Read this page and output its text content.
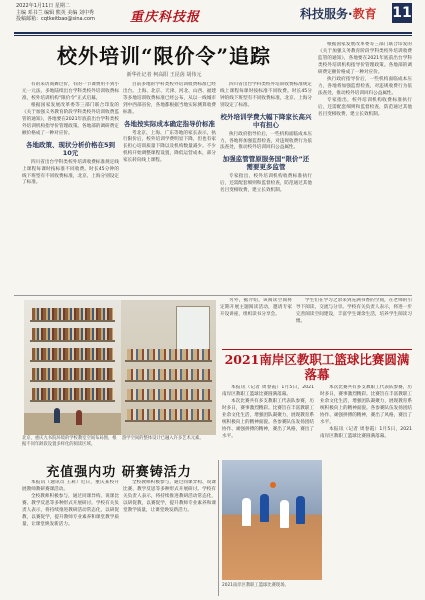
2022年1月11日 星期二
主编 邓书兰 编辑 熊英 美编 刘中秀
投稿邮箱：cqtkeitbao@sina.com	重庆科技报	科技服务·教育 11
校外培训“限价令”追踪
新华社记者 柯高阳 王昆茵 胡伟元

有的采访商舞过价，有的一节课费用不到小元一元法，多地陆续出台学科类校外培训收费标准，校外培训机构“限价令”正式启幕。

根据国家发展改革委等三部门联合印发的《关于加强义务教育阶段学科类校外培训收费监管的通知》，各地要在2021年底前出台学科类校外培训机构指导价管理政策。各地部的调研费定额价格成了一种对应价。

各地政策、现状分析价格在5到10元

四川省出台学科类校外培训收费标准规定线上课程每课时按标准不同收费。时长45分钟的线下班型有不同收费标准，北京、上海分别设定了标准。

目前多地的学科类校外培训收费标准已经出台。上海、北京、天津、河北、山西、福建等多地培训收费标准已经公布，从以一线城市到中西部省份，各地都根据当地实际测算收费标准。

各地按实际成本确定指导价标准

考北京、上海、广东等地的家长表示，执行限价后，校外培训学费明显下降，但也有家长担心培训质量下降以及机构数量减少。不少机构开始调整课程设置，降低运营成本，部分家长转向线上课程。

四川省出台学科类校外培训收费标准规定线上课程每课时按标准不同收费。时长45分钟的线下班型有不同收费标准，北京、上海分别设定了标准。

校外培训学费大幅下降家长高兴中有担心

执行政府指导价后，一些机构面临成本压力，各地将加强监督检查，对违规收费行为依法查处，推动校外培训回归公益属性。

加强监管管原服务国“限价”还需要更多监管

专家指出，校外培训机构收费标准执行后，还需配套细则和监督检查，防范通过其他名目变相收费，建立长效机制。

根据国家发展改革委等三部门联合印发的《关于加强义务教育阶段学科类校外培训收费监管的通知》，各地要在2021年底前出台学科类校外培训机构指导价管理政策。各地部的调研费定额价格成了一种对应价。

执行政府指导价后，一些机构面临成本压力，各地将加强监督检查，对违规收费行为依法查处，推动校外培训回归公益属性。

专家指出，校外培训机构收费标准执行后，还需配套细则和监督检查，防范通过其他名目变相收费，建立长效机制。

北京、重庆九书院环境的学校教室空间布局图，根据不同年龄段设置多样化的阅读区域。
游学空间的整体设计已融入许多艺术元素。

另外，据介绍，该阅读空间将定期开展主题阅读活动，邀请专家开设讲座，组织读书分享会。

学生们在学习之余来到充满书香的空间，在老师的引导下阅读、交流与分享。学校有关负责人表示，将进一步完善阅读空间建设，丰富学生课余生活，培养学生阅读习惯。

充值强内功 研赛铸活力

本报讯（通讯员 王莉）近日，重庆某校开展教师教研赛课活动。

全校教师积极参与，通过同课异构、说课比赛、教学反思等多种形式开展研讨。学校有关负责人表示，将持续推进教研活动常态化，以研促教，以赛促学，提升教师专业素养和课堂教学质量，让课堂焕发新活力。

全校教师积极参与，通过同课异构、说课比赛、教学反思等多种形式开展研讨。学校有关负责人表示，将持续推进教研活动常态化，以研促教，以赛促学，提升教师专业素养和课堂教学质量，让课堂焕发新活力。

2021南岸区教职工篮球比赛圆满落幕

本报讯（记者 周春霞）1月5日，2021南岸区教职工篮球比赛圆满落幕。

本次比赛共有多支教职工代表队参赛，历时多日，赛事激烈精彩。比赛旨在丰富教职工业余文化生活，增强团队凝聚力，展现教育系统积极向上的精神面貌。各参赛队伍发扬团结协作、顽强拼搏的精神，赛出了风格，赛出了水平。

本次比赛共有多支教职工代表队参赛，历时多日，赛事激烈精彩。比赛旨在丰富教职工业余文化生活，增强团队凝聚力，展现教育系统积极向上的精神面貌。各参赛队伍发扬团结协作、顽强拼搏的精神，赛出了风格，赛出了水平。

本报讯（记者 周春霞）1月5日，2021南岸区教职工篮球比赛圆满落幕。

2021南岸区教职工篮球比赛现场。
